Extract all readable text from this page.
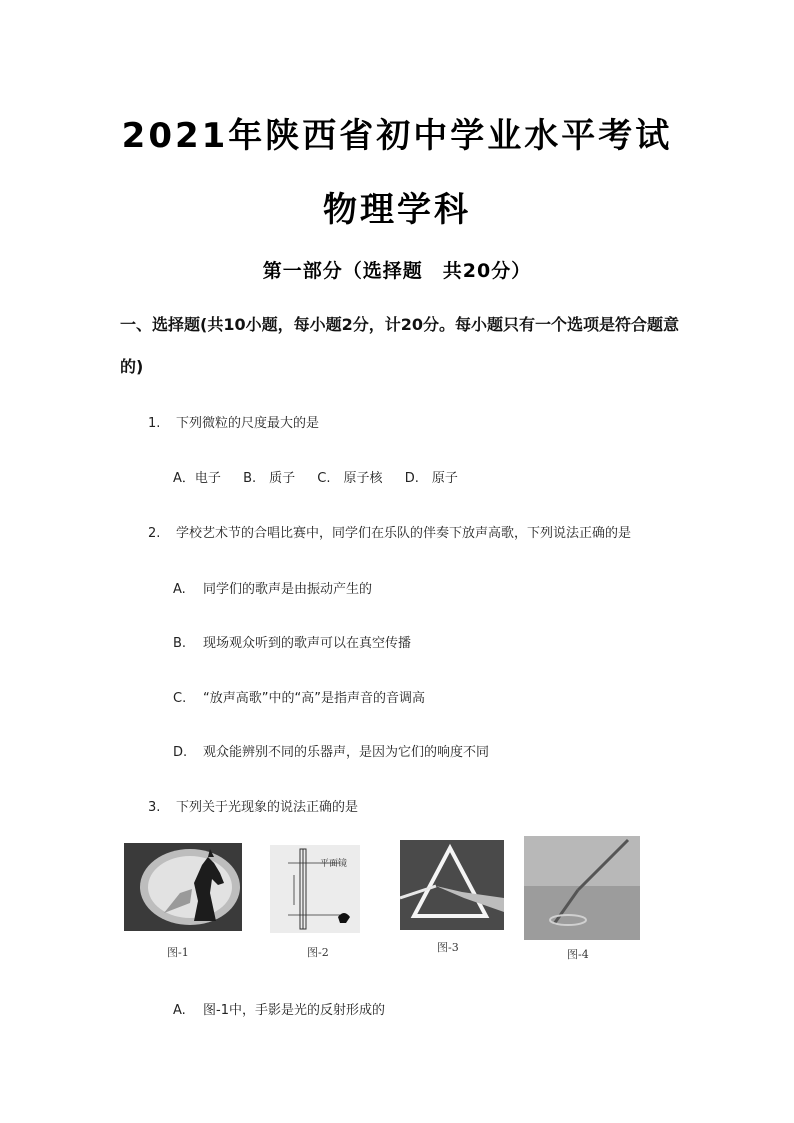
2021年陕西省初中学业水平考试
物理学科
第一部分（选择题　共20分）
一、选择题(共10小题，每小题2分，计20分。每小题只有一个选项是符合题意的)
1. 下列微粒的尺度最大的是
A．电子 B.　 质子 C.　 原子核 D.　 原子
2. 学校艺术节的合唱比赛中，同学们在乐队的伴奏下放声高歌，下列说法正确的是
A. 同学们的歌声是由振动产生的
B. 现场观众听到的歌声可以在真空传播
C. “放声高歌”中的“高”是指声音的音调高
D. 观众能辨别不同的乐器声，是因为它们的响度不同
3. 下列关于光现象的说法正确的是
图-1
平面镜
图-2	图-3
图-4
A. 图-1中，手影是光的反射形成的
